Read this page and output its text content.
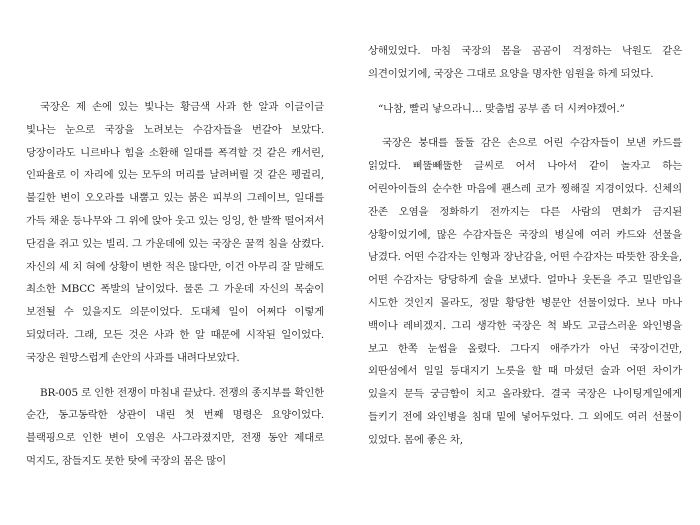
국장은 제 손에 있는 빛나는 황금색 사과 한 알과 이글이글 빛나는 눈으로 국장을 노려보는 수감자들을 번갈아 보았다. 당장이라도 니르바나 힘을 소환해 일대를 폭격할 것 같은 캐서린, 인파율로 이 자리에 있는 모두의 머리를 날려버릴 것 같은 펭귈리, 불길한 변이 오오라를 내뿜고 있는 붉은 피부의 그레이브, 일대를 가득 채운 등나무와 그 위에 앉아 웃고 있는 잉잉, 한 발짝 떨어져서 단검을 쥐고 있는 빌리. 그 가운데에 있는 국장은 꿀꺽 침을 삼켰다. 자신의 세 치 혀에 상황이 변한 적은 많다만, 이건 아무리 잘 말해도 최소한 MBCC 폭발의 날이었다. 물론 그 가운데 자신의 목숨이 보전될 수 있을지도 의문이었다. 도대체 일이 어쩌다 이렇게 되었더라. 그래, 모든 것은 사과 한 알 때문에 시작된 일이었다. 국장은 원망스럽게 손안의 사과를 내려다보았다.

BR-005 로 인한 전쟁이 마침내 끝났다. 전쟁의 종지부를 확인한 순간, 동고동락한 상관이 내린 첫 번째 명령은 요양이었다. 블랙핑으로 인한 변이 오염은 사그라졌지만, 전쟁 동안 제대로 먹지도, 잠들지도 못한 탓에 국장의 몸은 많이

상해있었다. 마침 국장의 몸을 곰곰이 걱정하는 낙원도 같은 의견이었기에, 국장은 그대로 요양을 명자한 임원을 하게 되었다.

“나참, 빨리 낳으라니… 맞춤법 공부 좀 더 시켜야겠어.”

국장은 붕대를 둘둘 감은 손으로 어린 수감자들이 보낸 카드를 읽었다. 삐뚤빼뚤한 글씨로 어서 나아서 같이 놀자고 하는 어린아이들의 순수한 마음에 괜스레 코가 찡해질 지경이었다. 신체의 잔존 오염을 정화하기 전까지는 다른 사람의 면회가 금지된 상황이었기에, 많은 수감자들은 국장의 병실에 여러 카드와 선물을 남겼다. 어떤 수감자는 인형과 장난감을, 어떤 수감자는 따뜻한 잠옷을, 어떤 수감자는 당당하게 술을 보냈다. 얼마나 웃돈을 주고 밀반입을 시도한 것인지 몰라도, 정말 황당한 병문안 선물이었다. 보나 마나 백이나 레비겠지. 그리 생각한 국장은 척 봐도 고급스러운 와인병을 보고 한쪽 눈썹을 올렸다. 그다지 애주가가 아닌 국장이건만, 외딴섬에서 일일 등대지기 노릇을 할 때 마셨던 술과 어떤 차이가 있을지 문득 궁금함이 치고 올라왔다. 결국 국장은 나이팅게일에게 들키기 전에 와인병을 침대 밑에 넣어두었다. 그 외에도 여러 선물이 있었다. 몸에 좋은 차,
